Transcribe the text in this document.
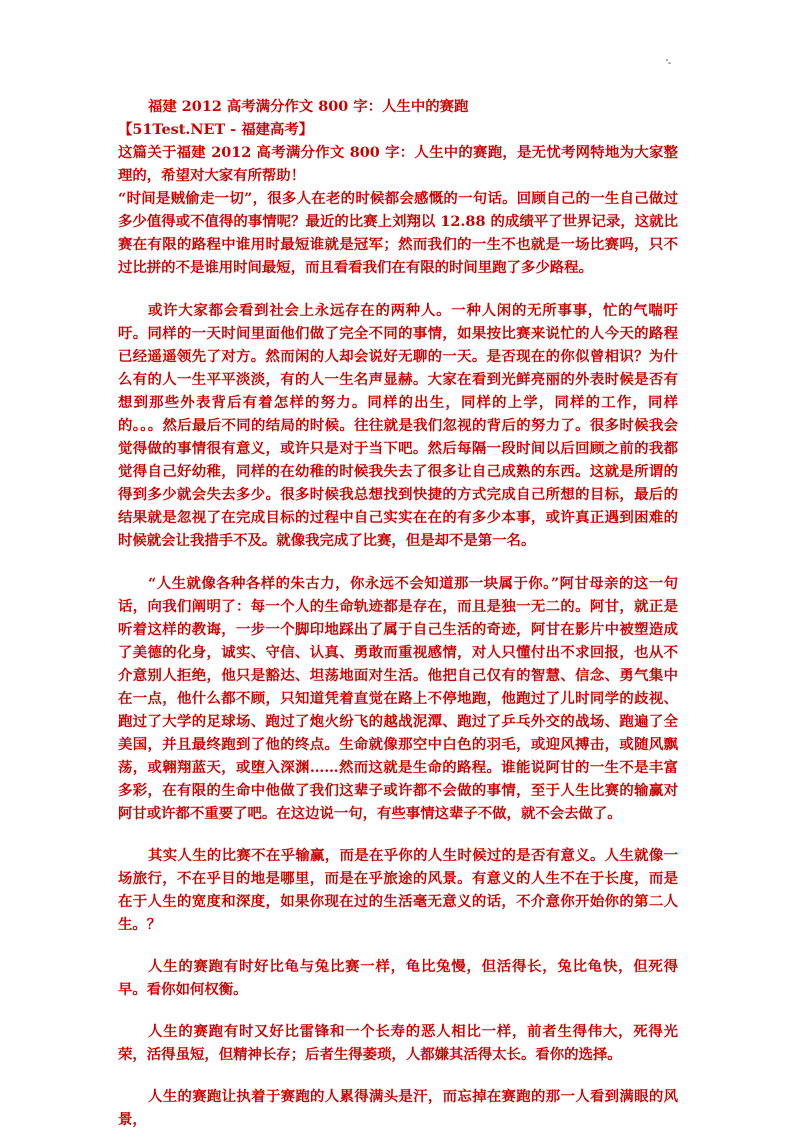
'-

福建 2012 高考满分作文 800 字：人生中的赛跑

【51Test.NET - 福建高考】

这篇关于福建 2012 高考满分作文 800 字：人生中的赛跑，是无忧考网特地为大家整理的，希望对大家有所帮助！

“时间是贼偷走一切”，很多人在老的时候都会感慨的一句话。回顾自己的一生自己做过多少值得或不值得的事情呢？最近的比赛上刘翔以 12.88 的成绩平了世界记录，这就比赛在有限的路程中谁用时最短谁就是冠军；然而我们的一生不也就是一场比赛吗，只不过比拼的不是谁用时间最短，而且看看我们在有限的时间里跑了多少路程。

或许大家都会看到社会上永远存在的两种人。一种人闲的无所事事，忙的气喘吁吁。同样的一天时间里面他们做了完全不同的事情，如果按比赛来说忙的人今天的路程已经遥遥领先了对方。然而闲的人却会说好无聊的一天。是否现在的你似曾相识？为什么有的人一生平平淡淡，有的人一生名声显赫。大家在看到光鲜亮丽的外表时候是否有想到那些外表背后有着怎样的努力。同样的出生，同样的上学，同样的工作，同样的。。。然后最后不同的结局的时候。往往就是我们忽视的背后的努力了。很多时候我会觉得做的事情很有意义，或许只是对于当下吧。然后每隔一段时间以后回顾之前的我都觉得自己好幼稚，同样的在幼稚的时候我失去了很多让自己成熟的东西。这就是所谓的得到多少就会失去多少。很多时候我总想找到快捷的方式完成自己所想的目标，最后的结果就是忽视了在完成目标的过程中自己实实在在的有多少本事，或许真正遇到困难的时候就会让我措手不及。就像我完成了比赛，但是却不是第一名。

“人生就像各种各样的朱古力，你永远不会知道那一块属于你。”阿甘母亲的这一句话，向我们阐明了：每一个人的生命轨迹都是存在，而且是独一无二的。阿甘，就正是听着这样的教诲，一步一个脚印地踩出了属于自己生活的奇迹，阿甘在影片中被塑造成了美德的化身，诚实、守信、认真、勇敢而重视感情，对人只懂付出不求回报，也从不介意别人拒绝，他只是豁达、坦荡地面对生活。他把自己仅有的智慧、信念、勇气集中在一点，他什么都不顾，只知道凭着直觉在路上不停地跑，他跑过了儿时同学的歧视、跑过了大学的足球场、跑过了炮火纷飞的越战泥潭、跑过了乒乓外交的战场、跑遍了全美国，并且最终跑到了他的终点。生命就像那空中白色的羽毛，或迎风搏击，或随风飘荡，或翱翔蓝天，或堕入深渊……然而这就是生命的路程。谁能说阿甘的一生不是丰富多彩，在有限的生命中他做了我们这辈子或许都不会做的事情，至于人生比赛的输赢对阿甘或许都不重要了吧。在这边说一句，有些事情这辈子不做，就不会去做了。

其实人生的比赛不在乎输赢，而是在乎你的人生时候过的是否有意义。人生就像一场旅行，不在乎目的地是哪里，而是在乎旅途的风景。有意义的人生不在于长度，而是在于人生的宽度和深度，如果你现在过的生活毫无意义的话，不介意你开始你的第二人生。？

人生的赛跑有时好比龟与兔比赛一样，龟比兔慢，但活得长，兔比龟快，但死得早。看你如何权衡。

人生的赛跑有时又好比雷锋和一个长寿的恶人相比一样，前者生得伟大，死得光荣，活得虽短，但精神长存；后者生得萎琐，人都嫌其活得太长。看你的选择。

人生的赛跑让执着于赛跑的人累得满头是汗，而忘掉在赛跑的那一人看到满眼的风景，
